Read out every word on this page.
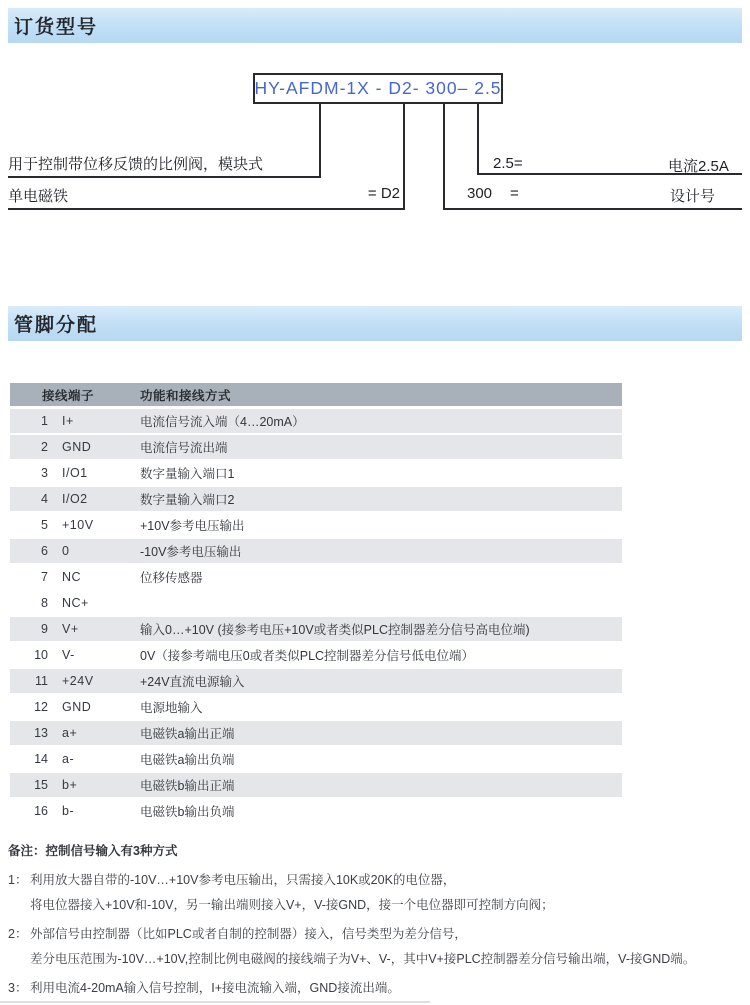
订货型号
HY-AFDM-1X - D2- 300– 2.5
用于控制带位移反馈的比例阀，模块式
单电磁铁	= D2	300 =	设计号
2.5=	电流2.5A
管脚分配
接线端子	功能和接线方式
1 I+	电流信号流入端（4…20mA）
2 GND	电流信号流出端
3 I/O1	数字量输入端口1
4 I/O2	数字量输入端口2
5 +10V	+10V参考电压输出
6 0	-10V参考电压输出
7 NC	位移传感器
8 NC+
9 V+	输入0…+10V (接参考电压+10V或者类似PLC控制器差分信号高电位端)
10 V-	0V（接参考端电压0或者类似PLC控制器差分信号低电位端）
11 +24V	+24V直流电源输入
12 GND	电源地输入
13 a+	电磁铁a输出正端
14 a-	电磁铁a输出负端
15 b+	电磁铁b输出正端
16 b-	电磁铁b输出负端
备注：控制信号输入有3种方式
1： 利用放大器自带的-10V…+10V参考电压输出，只需接入10K或20K的电位器，
将电位器接入+10V和-10V，另一输出端则接入V+，V-接GND，接一个电位器即可控制方向阀；
2： 外部信号由控制器（比如PLC或者自制的控制器）接入，信号类型为差分信号，
差分电压范围为-10V…+10V,控制比例电磁阀的接线端子为V+、V-，其中V+接PLC控制器差分信号输出端，V-接GND端。
3： 利用电流4-20mA输入信号控制，I+接电流输入端，GND接流出端。
